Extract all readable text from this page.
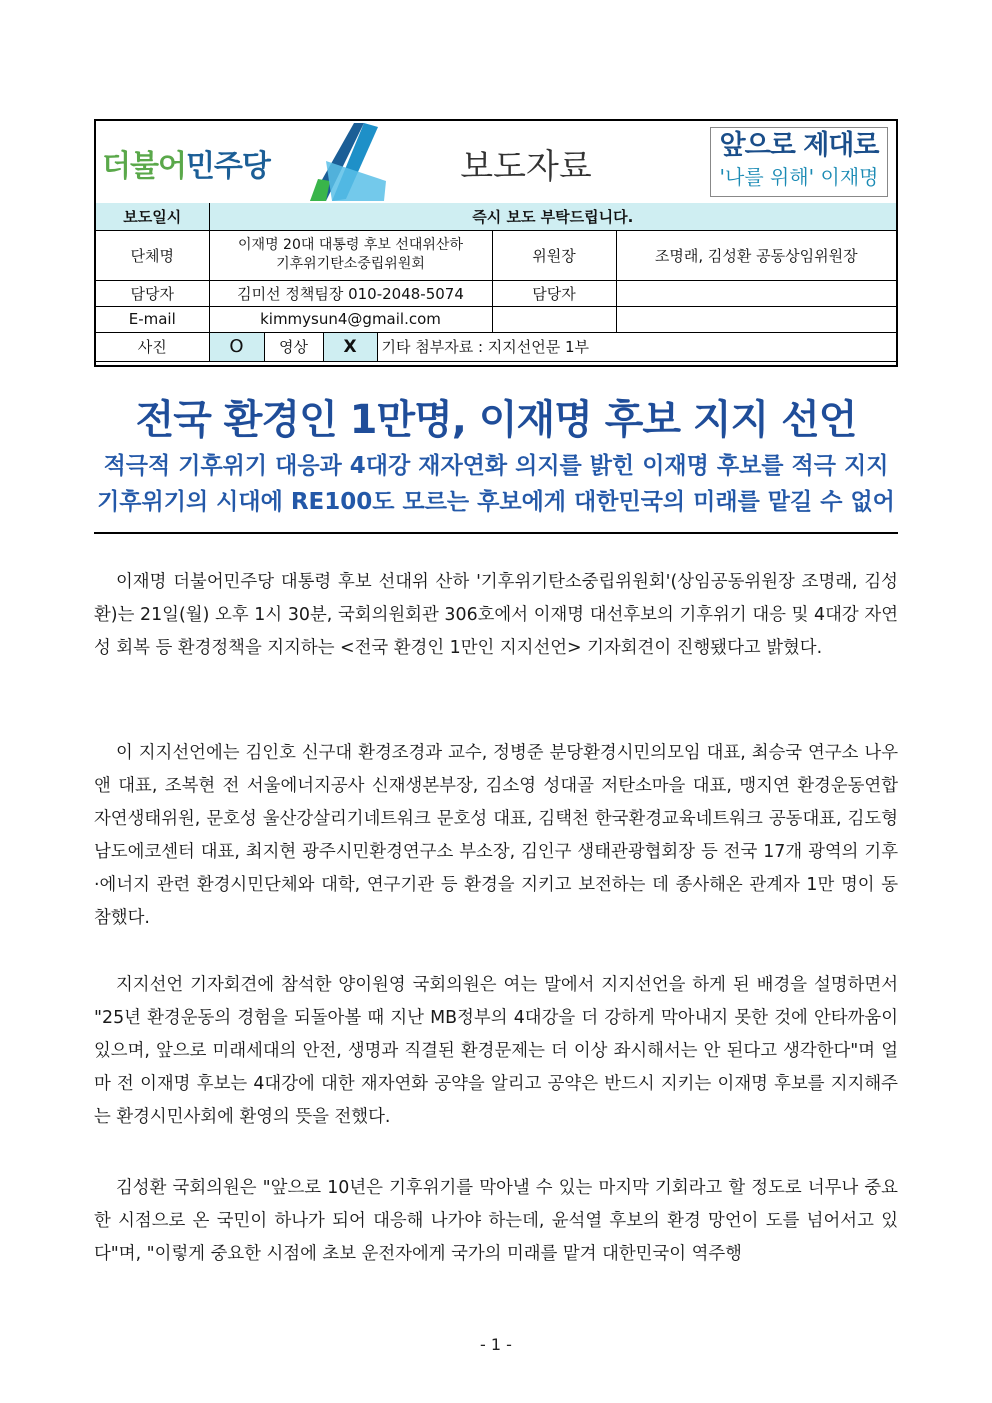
더불어민주당	보도자료
앞으로 제대로
'나를 위해' 이재명
보도일시	즉시 보도 부탁드립니다.					
단체명	이재명 20대 대통령 후보 선대위산하
기후위기탄소중립위원회				위원장	조명래, 김성환 공동상임위원장
담당자	김미선 정책팀장 010-2048-5074				담당자	
E-mail	kimmysun4@gmail.com					
사진	O	영상	X	기타 첨부자료 : 지지선언문 1부		
전국 환경인 1만명, 이재명 후보 지지 선언
적극적 기후위기 대응과 4대강 재자연화 의지를 밝힌 이재명 후보를 적극 지지
기후위기의 시대에 RE100도 모르는 후보에게 대한민국의 미래를 맡길 수 없어
이재명 더불어민주당 대통령 후보 선대위 산하 '기후위기탄소중립위원회'(상임공동위원장 조명래, 김성환)는 21일(월) 오후 1시 30분, 국회의원회관 306호에서 이재명 대선후보의 기후위기 대응 및 4대강 자연성 회복 등 환경정책을 지지하는 <전국 환경인 1만인 지지선언> 기자회견이 진행됐다고 밝혔다.
이 지지선언에는 김인호 신구대 환경조경과 교수, 정병준 분당환경시민의모임 대표, 최승국 연구소 나우앤 대표, 조복현 전 서울에너지공사 신재생본부장, 김소영 성대골 저탄소마을 대표, 맹지연 환경운동연합 자연생태위원, 문호성 울산강살리기네트워크 문호성 대표, 김택천 한국환경교육네트워크 공동대표, 김도형 남도에코센터 대표, 최지현 광주시민환경연구소 부소장, 김인구 생태관광협회장 등 전국 17개 광역의 기후·에너지 관련 환경시민단체와 대학, 연구기관 등 환경을 지키고 보전하는 데 종사해온 관계자 1만 명이 동참했다.
지지선언 기자회견에 참석한 양이원영 국회의원은 여는 말에서 지지선언을 하게 된 배경을 설명하면서 "25년 환경운동의 경험을 되돌아볼 때 지난 MB정부의 4대강을 더 강하게 막아내지 못한 것에 안타까움이 있으며, 앞으로 미래세대의 안전, 생명과 직결된 환경문제는 더 이상 좌시해서는 안 된다고 생각한다"며 얼마 전 이재명 후보는 4대강에 대한 재자연화 공약을 알리고 공약은 반드시 지키는 이재명 후보를 지지해주는 환경시민사회에 환영의 뜻을 전했다.
김성환 국회의원은 "앞으로 10년은 기후위기를 막아낼 수 있는 마지막 기회라고 할 정도로 너무나 중요한 시점으로 온 국민이 하나가 되어 대응해 나가야 하는데, 윤석열 후보의 환경 망언이 도를 넘어서고 있다"며, "이렇게 중요한 시점에 초보 운전자에게 국가의 미래를 맡겨 대한민국이 역주행
- 1 -
